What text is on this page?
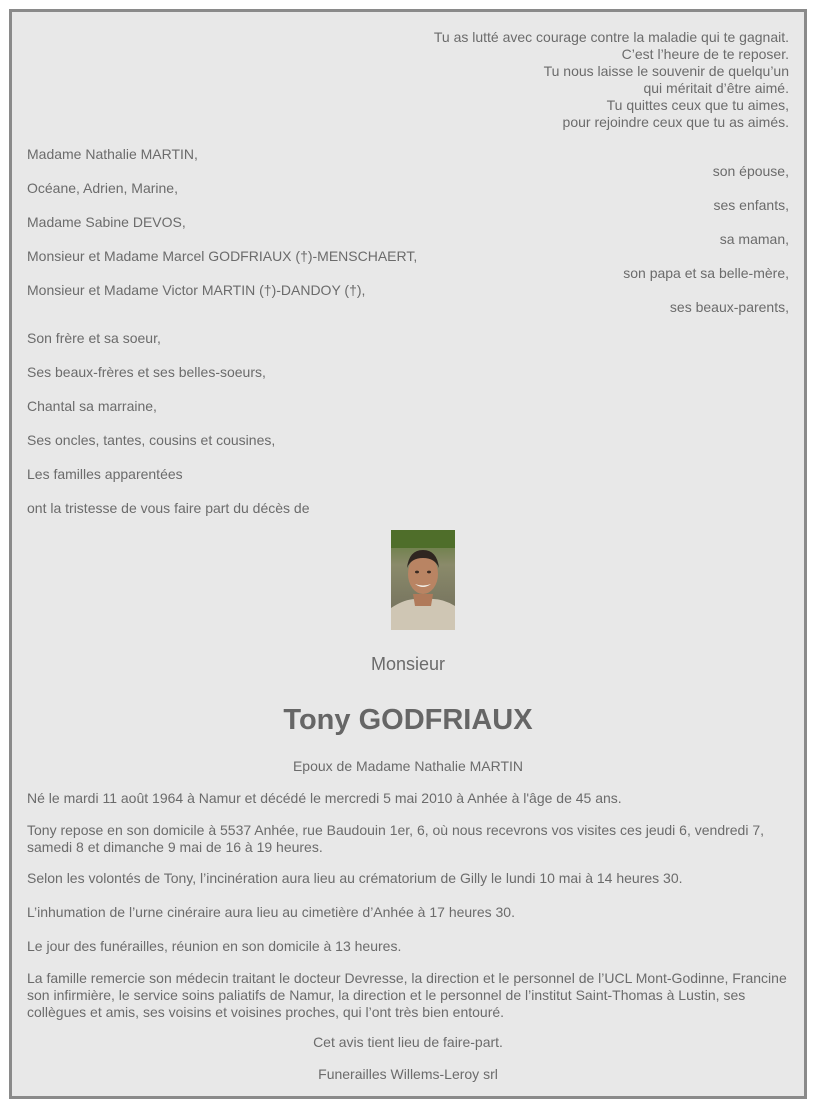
Tu as lutté avec courage contre la maladie qui te gagnait.
C’est l’heure de te reposer.
Tu nous laisse le souvenir de quelqu’un
qui méritait d’être aimé.
Tu quittes ceux que tu aimes,
pour rejoindre ceux que tu as aimés.
Madame Nathalie MARTIN,
son épouse,
Océane, Adrien, Marine,
ses enfants,
Madame Sabine DEVOS,
sa maman,
Monsieur et Madame Marcel GODFRIAUX (†)-MENSCHAERT,
son papa et sa belle-mère,
Monsieur et Madame Victor MARTIN (†)-DANDOY (†),
ses beaux-parents,
Son frère et sa soeur,
Ses beaux-frères et ses belles-soeurs,
Chantal sa marraine,
Ses oncles, tantes, cousins et cousines,
Les familles apparentées
ont la tristesse de vous faire part du décès de
Monsieur
Tony GODFRIAUX
Epoux de Madame Nathalie MARTIN
Né le mardi 11 août 1964 à Namur et décédé le mercredi 5 mai 2010 à Anhée à l'âge de 45 ans.
Tony repose en son domicile à 5537 Anhée, rue Baudouin 1er, 6, où nous recevrons vos visites ces jeudi 6, vendredi 7, samedi 8 et dimanche 9 mai de 16 à 19 heures.
Selon les volontés de Tony, l’incinération aura lieu au crématorium de Gilly le lundi 10 mai à 14 heures 30.
L’inhumation de l’urne cinéraire aura lieu au cimetière d’Anhée à 17 heures 30.
Le jour des funérailles, réunion en son domicile à 13 heures.
La famille remercie son médecin traitant le docteur Devresse, la direction et le personnel de l’UCL Mont-Godinne, Francine son infirmière, le service soins paliatifs de Namur, la direction et le personnel de l’institut Saint-Thomas à Lustin, ses collègues et amis, ses voisins et voisines proches, qui l’ont très bien entouré.
Cet avis tient lieu de faire-part.
Funerailles Willems-Leroy srl
